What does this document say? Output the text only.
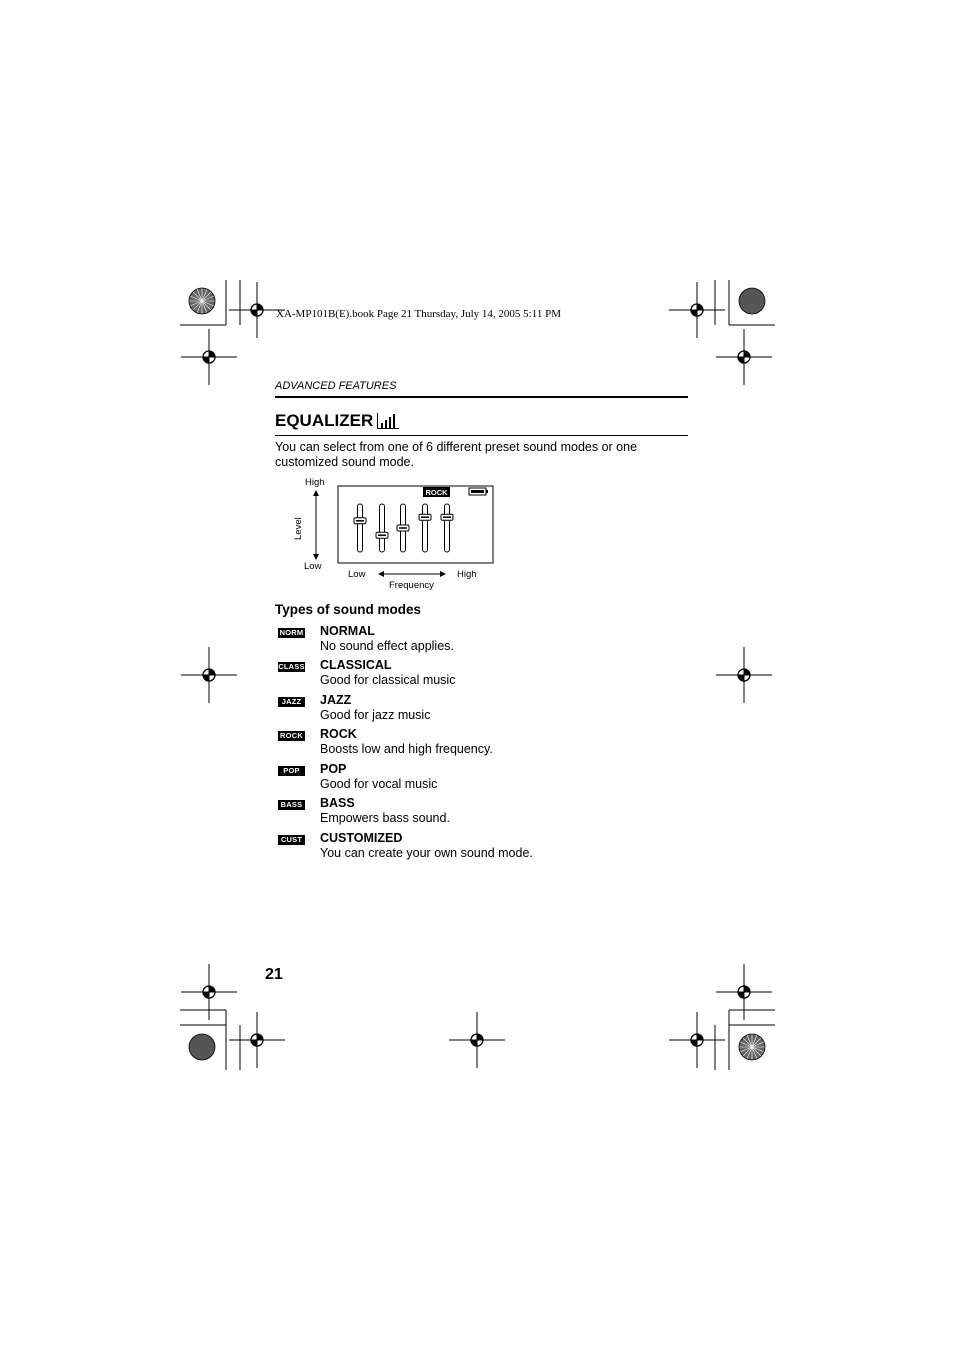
XA-MP101B(E).book Page 21 Thursday, July 14, 2005 5:11 PM
ADVANCED FEATURES
EQUALIZER
You can select from one of 6 different preset sound modes or one customized sound mode.
High
Low
Level
ROCK
Low	High
Frequency
Types of sound modes
NORM NORMAL
No sound effect applies.
CLASS CLASSICAL
Good for classical music
JAZZ JAZZ
Good for jazz music
ROCK ROCK
Boosts low and high frequency.
POP	POP
Good for vocal music
BASS BASS
Empowers bass sound.
CUST CUSTOMIZED
You can create your own sound mode.
21
